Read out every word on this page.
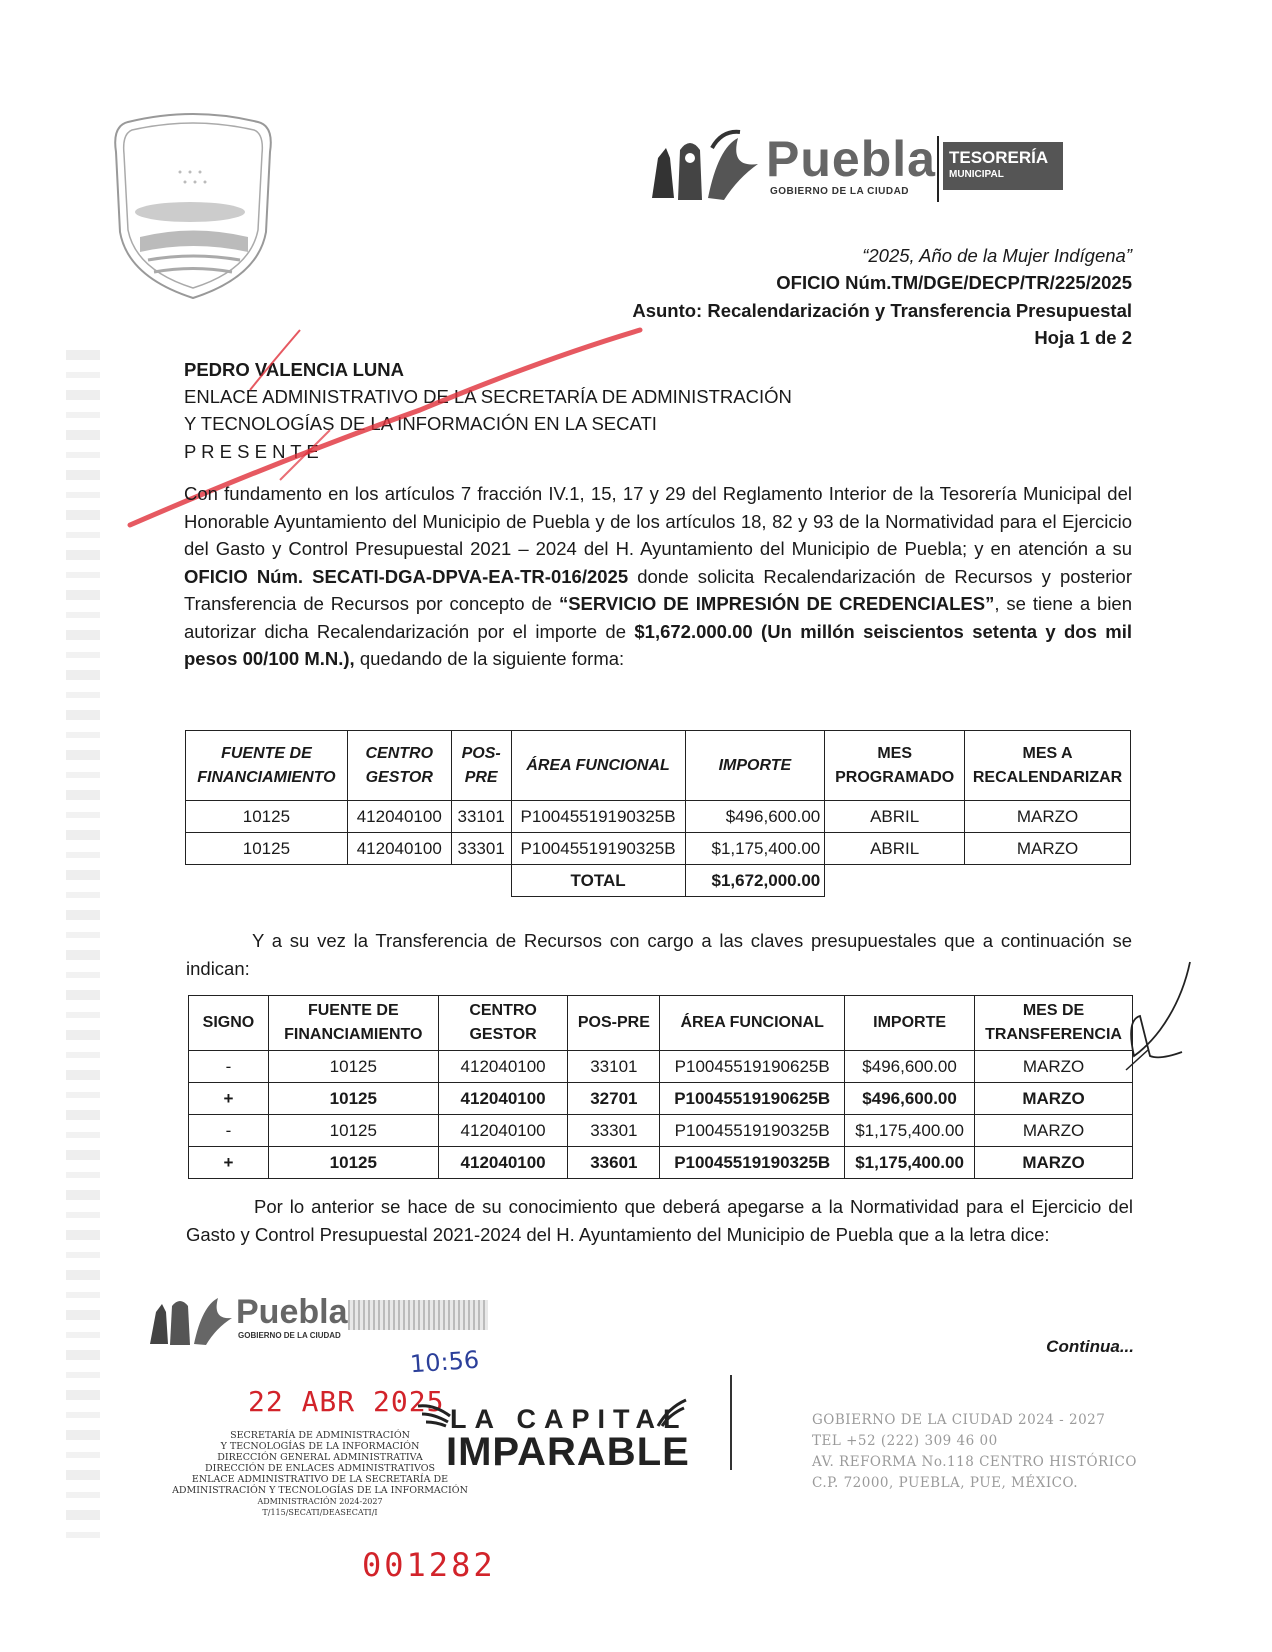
Puebla
GOBIERNO DE LA CIUDAD
TESORERÍA
MUNICIPAL
“2025, Año de la Mujer Indígena”
OFICIO Núm.TM/DGE/DECP/TR/225/2025
Asunto: Recalendarización y Transferencia Presupuestal
Hoja 1 de 2
PEDRO VALENCIA LUNA
ENLACE ADMINISTRATIVO DE LA SECRETARÍA DE ADMINISTRACIÓN
Y TECNOLOGÍAS DE LA INFORMACIÓN EN LA SECATI
P R E S E N T E
Con fundamento en los artículos 7 fracción IV.1, 15, 17 y 29 del Reglamento Interior de la Tesorería Municipal del Honorable Ayuntamiento del Municipio de Puebla y de los artículos 18, 82 y 93 de la Normatividad para el Ejercicio del Gasto y Control Presupuestal 2021 – 2024 del H. Ayuntamiento del Municipio de Puebla; y en atención a su OFICIO Núm. SECATI-DGA-DPVA-EA-TR-016/2025 donde solicita Recalendarización de Recursos y posterior Transferencia de Recursos por concepto de “SERVICIO DE IMPRESIÓN DE CREDENCIALES”, se tiene a bien autorizar dicha Recalendarización por el importe de $1,672.000.00 (Un millón seiscientos setenta y dos mil pesos 00/100 M.N.), quedando de la siguiente forma:
FUENTE DE FINANCIAMIENTO	CENTRO GESTOR	POS-PRE	ÁREA FUNCIONAL	IMPORTE	MES PROGRAMADO	MES A RECALENDARIZAR
10125	412040100	33101	P10045519190325B	$496,600.00	ABRIL	MARZO
10125	412040100	33301	P10045519190325B	$1,175,400.00	ABRIL	MARZO
			TOTAL	$1,672,000.00		
Y a su vez la Transferencia de Recursos con cargo a las claves presupuestales que a continuación se indican:
SIGNO	FUENTE DE FINANCIAMIENTO	CENTRO GESTOR	POS-PRE	ÁREA FUNCIONAL	IMPORTE	MES DE TRANSFERENCIA
-	10125	412040100	33101	P10045519190625B	$496,600.00	MARZO
+	10125	412040100	32701	P10045519190625B	$496,600.00	MARZO
-	10125	412040100	33301	P10045519190325B	$1,175,400.00	MARZO
+	10125	412040100	33601	P10045519190325B	$1,175,400.00	MARZO
Por lo anterior se hace de su conocimiento que deberá apegarse a la Normatividad para el Ejercicio del Gasto y Control Presupuestal 2021-2024 del H. Ayuntamiento del Municipio de Puebla que a la letra dice:
Puebla
GOBIERNO DE LA CIUDAD
10:56
22 ABR 2025
SECRETARÍA DE ADMINISTRACIÓN
Y TECNOLOGÍAS DE LA INFORMACIÓN
DIRECCIÓN GENERAL ADMINISTRATIVA
DIRECCIÓN DE ENLACES ADMINISTRATIVOS
ENLACE ADMINISTRATIVO DE LA SECRETARÍA DE
ADMINISTRACIÓN Y TECNOLOGÍAS DE LA INFORMACIÓN
ADMINISTRACIÓN 2024-2027
T/115/SECATI/DEASECATI/I
LA CAPITAL
IMPARABLE
Continua...
GOBIERNO DE LA CIUDAD 2024 - 2027
TEL +52 (222) 309 46 00
AV. REFORMA No.118 CENTRO HISTÓRICO
C.P. 72000, PUEBLA, PUE, MÉXICO.
001282
